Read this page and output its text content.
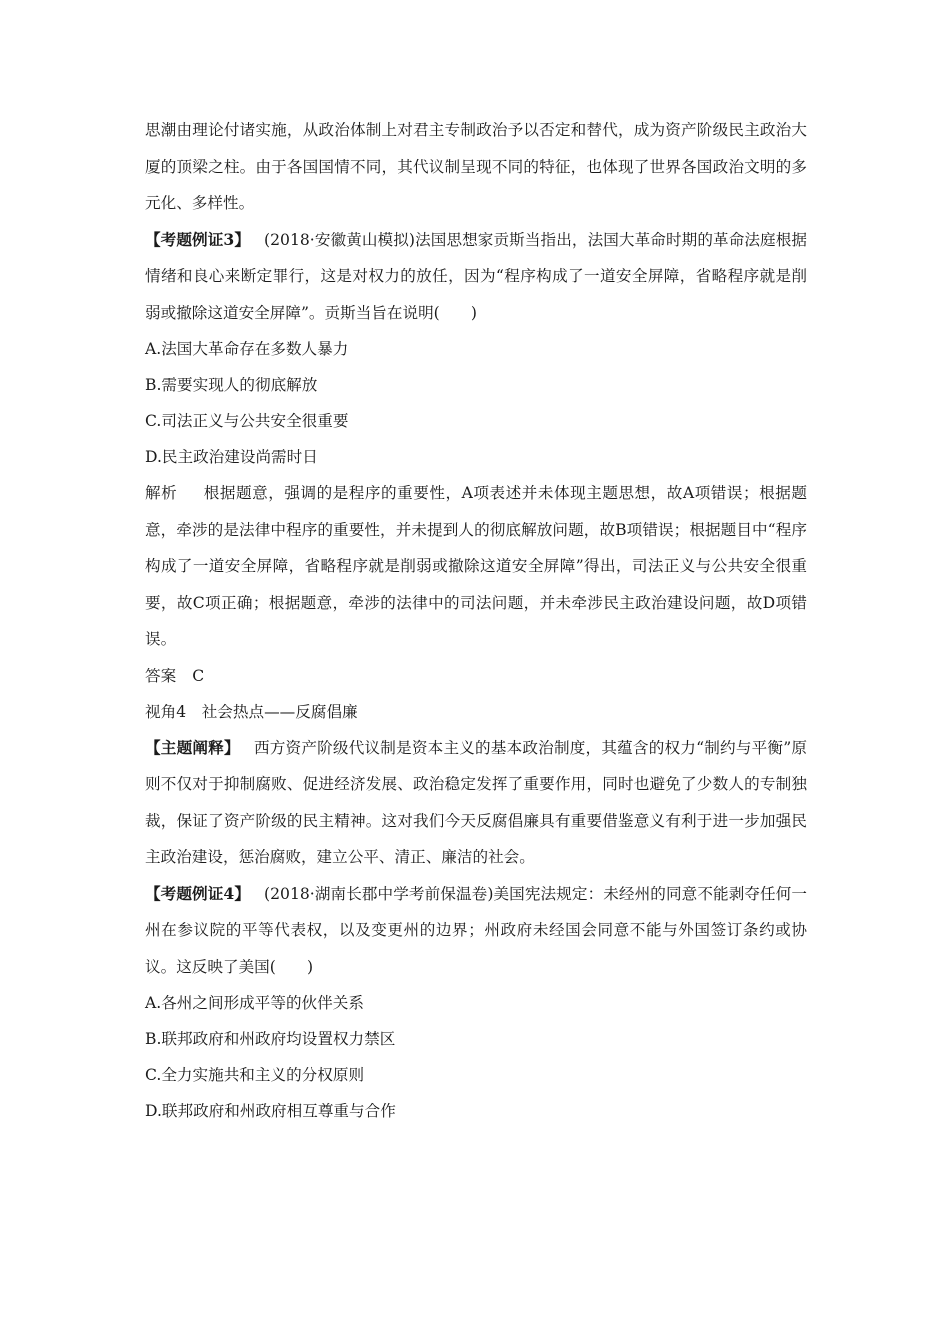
思潮由理论付诸实施，从政治体制上对君主专制政治予以否定和替代，成为资产阶级民主政治大厦的顶梁之柱。由于各国国情不同，其代议制呈现不同的特征，也体现了世界各国政治文明的多元化、多样性。

【考题例证3】 (2018·安徽黄山模拟)法国思想家贡斯当指出，法国大革命时期的革命法庭根据情绪和良心来断定罪行，这是对权力的放任，因为“程序构成了一道安全屏障，省略程序就是削弱或撤除这道安全屏障”。贡斯当旨在说明(　　)

A.法国大革命存在多数人暴力

B.需要实现人的彻底解放

C.司法正义与公共安全很重要

D.民主政治建设尚需时日

解析 根据题意，强调的是程序的重要性，A项表述并未体现主题思想，故A项错误；根据题意，牵涉的是法律中程序的重要性，并未提到人的彻底解放问题，故B项错误；根据题目中“程序构成了一道安全屏障，省略程序就是削弱或撤除这道安全屏障”得出，司法正义与公共安全很重要，故C项正确；根据题意，牵涉的法律中的司法问题，并未牵涉民主政治建设问题，故D项错误。

答案 C

视角4　社会热点——反腐倡廉

【主题阐释】 西方资产阶级代议制是资本主义的基本政治制度，其蕴含的权力“制约与平衡”原则不仅对于抑制腐败、促进经济发展、政治稳定发挥了重要作用，同时也避免了少数人的专制独裁，保证了资产阶级的民主精神。这对我们今天反腐倡廉具有重要借鉴意义有利于进一步加强民主政治建设，惩治腐败，建立公平、清正、廉洁的社会。

【考题例证4】 (2018·湖南长郡中学考前保温卷)美国宪法规定：未经州的同意不能剥夺任何一州在参议院的平等代表权，以及变更州的边界；州政府未经国会同意不能与外国签订条约或协议。这反映了美国(　　)

A.各州之间形成平等的伙伴关系

B.联邦政府和州政府均设置权力禁区

C.全力实施共和主义的分权原则

D.联邦政府和州政府相互尊重与合作
